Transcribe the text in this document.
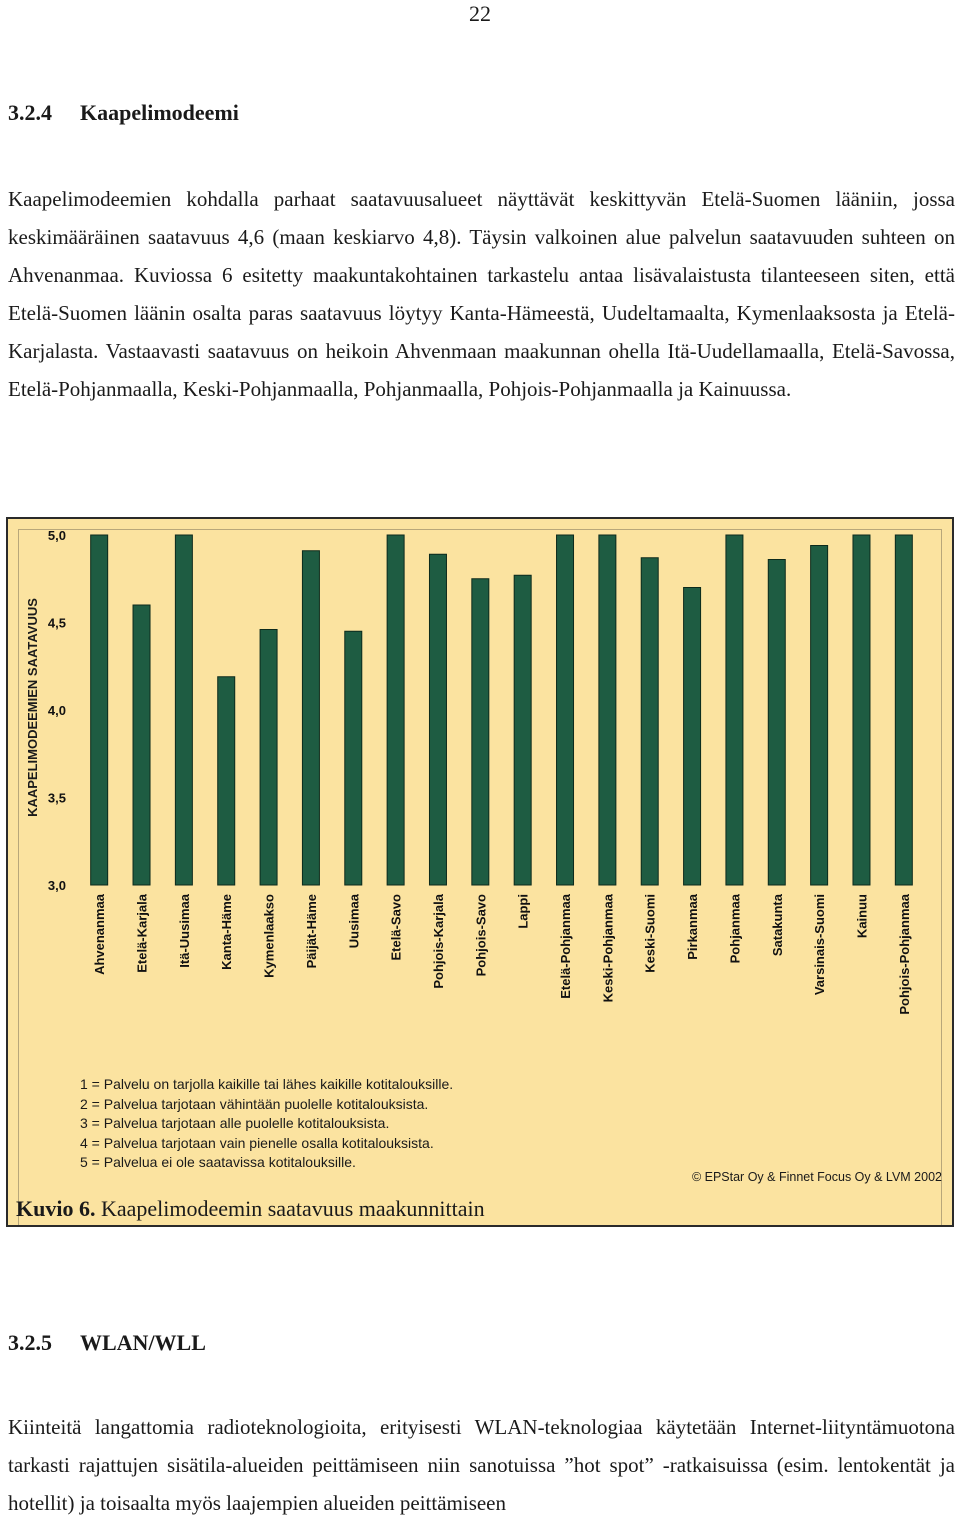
22
3.2.4 Kaapelimodeemi

Kaapelimodeemien kohdalla parhaat saatavuusalueet näyttävät keskittyvän Etelä-Suomen lääniin, jossa keskimääräinen saatavuus 4,6 (maan keskiarvo 4,8). Täysin valkoinen alue palvelun saatavuuden suhteen on Ahvenanmaa. Kuviossa 6 esitetty maakuntakohtainen tarkastelu antaa lisävalaistusta tilanteeseen siten, että Etelä-Suomen läänin osalta paras saatavuus löytyy Kanta-Hämeestä, Uudeltamaalta, Kymenlaaksosta ja Etelä-Karjalasta. Vastaavasti saatavuus on heikoin Ahvenmaan maakunnan ohella Itä-Uudellamaalla, Etelä-Savossa, Etelä-Pohjanmaalla, Keski-Pohjanmaalla, Pohjanmaalla, Pohjois-Pohjanmaalla ja Kainuussa.

5,0
4,5
4,0
3,5
3,0
Ahvenanmaa Etelä-Karjala Itä-Uusimaa Kanta-Häme Kymenlaakso Päijät-Häme Uusimaa Etelä-Savo Pohjois-Karjala Pohjois-Savo Lappi Etelä-Pohjanmaa Keski-Pohjanmaa Keski-Suomi Pirkanmaa Pohjanmaa Satakunta Varsinais-Suomi Kainuu Pohjois-Pohjanmaa
KAAPELIMODEEMIEN SAATAVUUS
1 = Palvelu on tarjolla kaikille tai lähes kaikille kotitalouksille.
2 = Palvelua tarjotaan vähintään puolelle kotitalouksista.
3 = Palvelua tarjotaan alle puolelle kotitalouksista.
4 = Palvelua tarjotaan vain pienelle osalla kotitalouksista.
5 = Palvelua ei ole saatavissa kotitalouksille.
© EPStar Oy & Finnet Focus Oy & LVM 2002
Kuvio 6. Kaapelimodeemin saatavuus maakunnittain
3.2.5 WLAN/WLL

Kiinteitä langattomia radioteknologioita, erityisesti WLAN-teknologiaa käytetään Internet-liityntämuotona tarkasti rajattujen sisätila-alueiden peittämiseen niin sanotuissa ”hot spot” -ratkaisuissa (esim. lentokentät ja hotellit) ja toisaalta myös laajempien alueiden peittämiseen
